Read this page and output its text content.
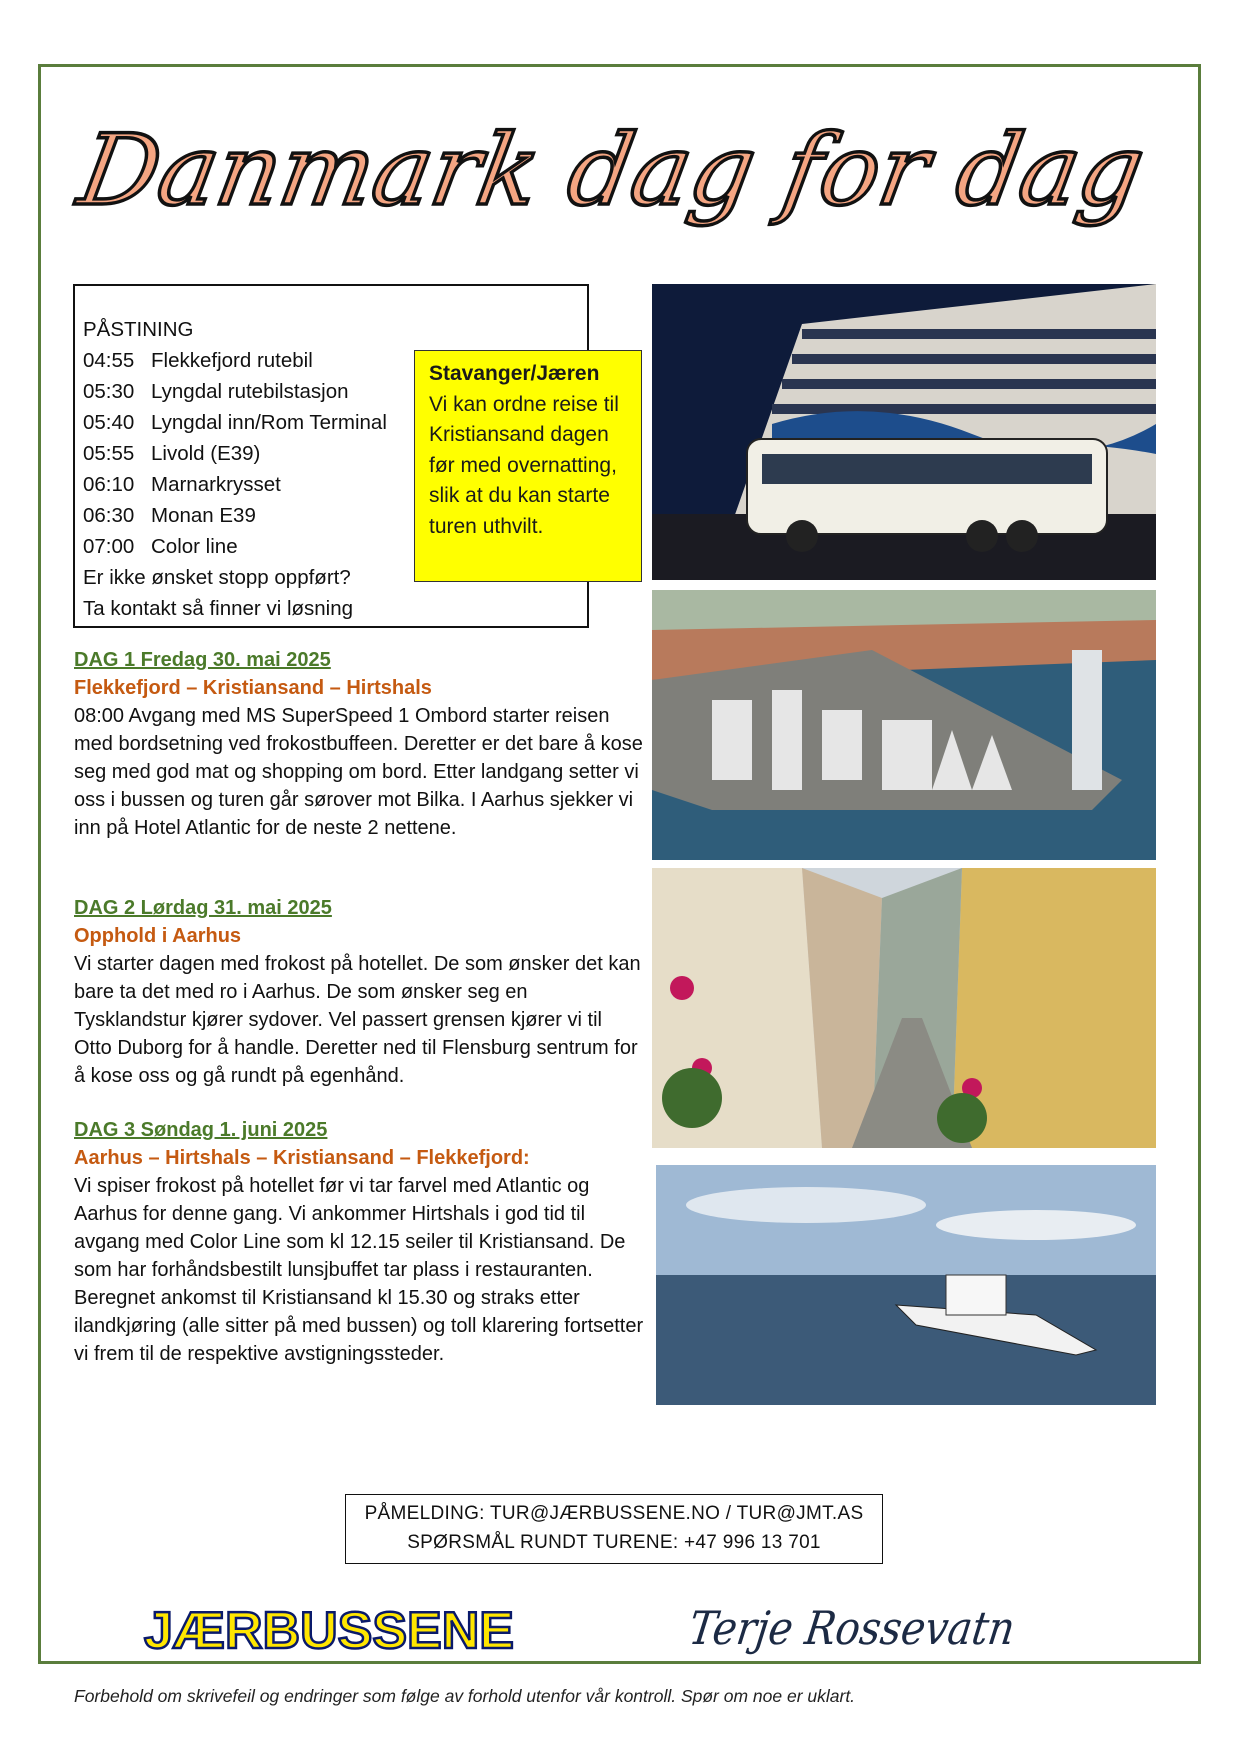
Danmark dag for dag
PÅSTINING
04:55 Flekkefjord rutebil
05:30 Lyngdal rutebilstasjon
05:40 Lyngdal inn/Rom Terminal
05:55 Livold (E39)
06:10 Marnarkrysset
06:30 Monan E39
07:00 Color line
Er ikke ønsket stopp oppført?
Ta kontakt så finner vi løsning
Stavanger/Jæren
Vi kan ordne reise til Kristiansand dagen før med overnatting, slik at du kan starte turen uthvilt.
DAG 1 Fredag 30. mai 2025
Flekkefjord – Kristiansand – Hirtshals
08:00 Avgang med MS SuperSpeed 1 Ombord starter reisen med bordsetning ved frokostbuffeen. Deretter er det bare å kose seg med god mat og shopping om bord. Etter landgang setter vi oss i bussen og turen går sørover mot Bilka. I Aarhus sjekker vi inn på Hotel Atlantic for de neste 2 nettene.
DAG 2 Lørdag 31. mai 2025
Opphold i Aarhus
Vi starter dagen med frokost på hotellet. De som ønsker det kan bare ta det med ro i Aarhus. De som ønsker seg en Tysklandstur kjører sydover. Vel passert grensen kjører vi til Otto Duborg for å handle. Deretter ned til Flensburg sentrum for å kose oss og gå rundt på egenhånd.
DAG 3 Søndag 1. juni 2025
Aarhus – Hirtshals – Kristiansand – Flekkefjord:
Vi spiser frokost på hotellet før vi tar farvel med Atlantic og Aarhus for denne gang. Vi ankommer Hirtshals i god tid til avgang med Color Line som kl 12.15 seiler til Kristiansand. De som har forhåndsbestilt lunsjbuffet tar plass i restauranten. Beregnet ankomst til Kristiansand kl 15.30 og straks etter ilandkjøring (alle sitter på med bussen) og toll klarering fortsetter vi frem til de respektive avstigningssteder.
PÅMELDING: TUR@JÆRBUSSENE.NO / TUR@JMT.AS
SPØRSMÅL RUNDT TURENE: +47 996 13 701
JÆRBUSSENE	Terje Rossevatn
Forbehold om skrivefeil og endringer som følge av forhold utenfor vår kontroll. Spør om noe er uklart.
